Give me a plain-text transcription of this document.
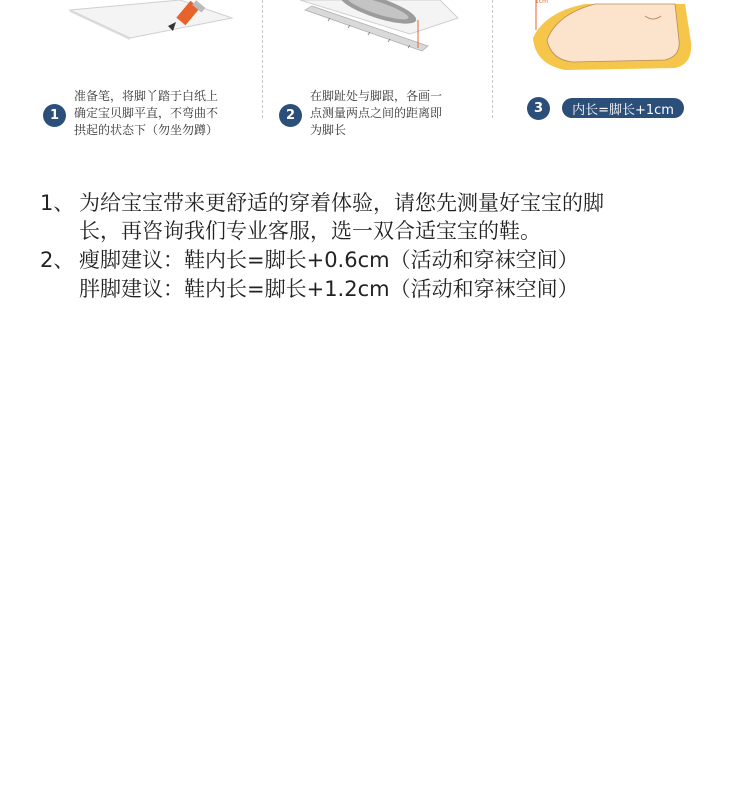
1cm
1
准备笔，将脚丫踏于白纸上
确定宝贝脚平直，不弯曲不
拱起的状态下（勿坐勿蹲）
2
在脚趾处与脚跟，各画一
点测量两点之间的距离即
为脚长
3	内长=脚长+1cm
1、 为给宝宝带来更舒适的穿着体验，请您先测量好宝宝的脚
长，再咨询我们专业客服，选一双合适宝宝的鞋。
2、 瘦脚建议：鞋内长=脚长+0.6cm（活动和穿袜空间）
胖脚建议：鞋内长=脚长+1.2cm（活动和穿袜空间）
